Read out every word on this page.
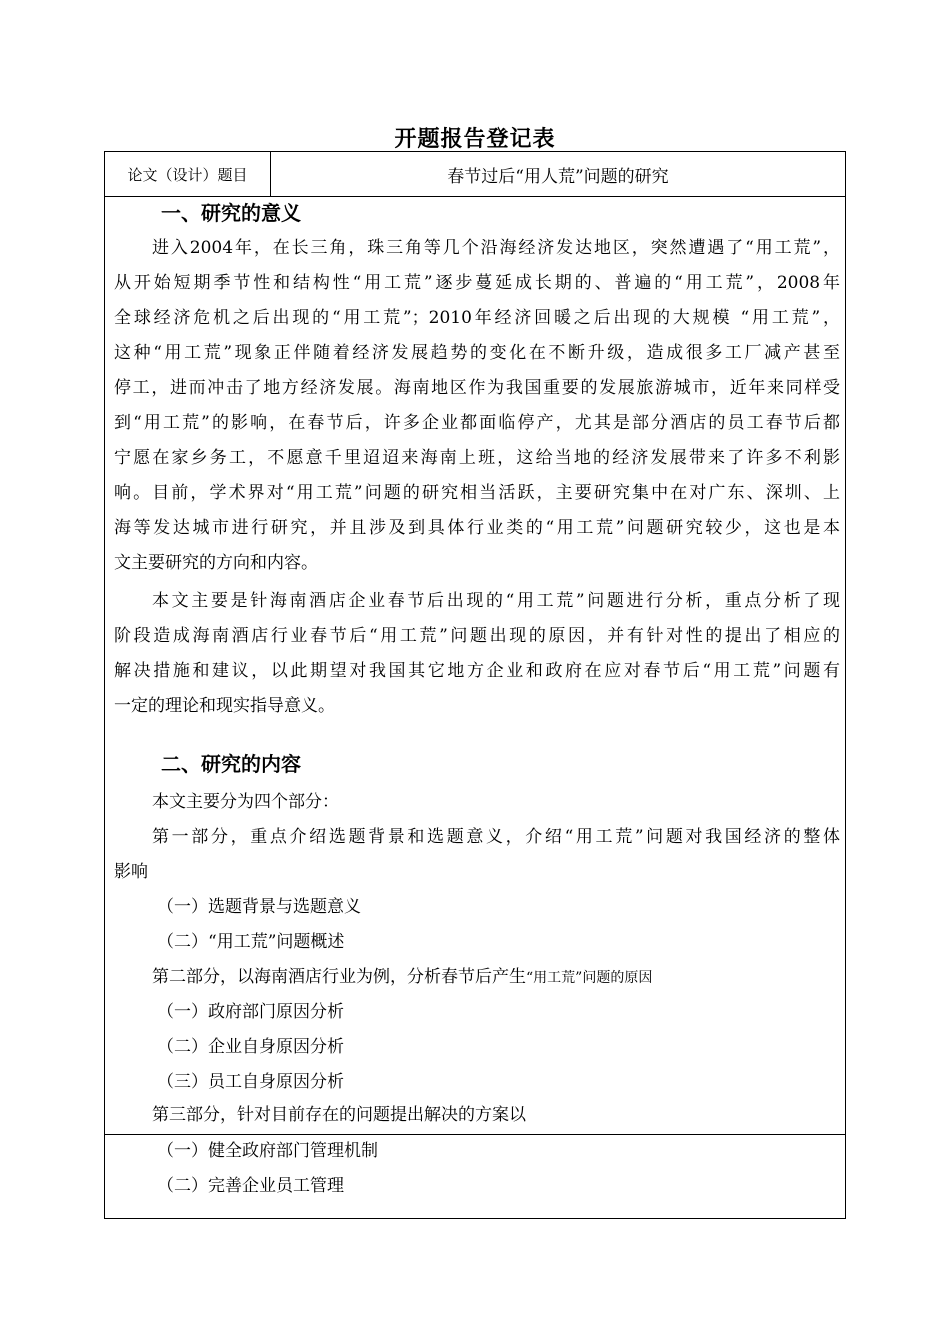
开题报告登记表
论文（设计）题目	春节过后“用人荒”问题的研究
一、研究的意义
进入2004年，在长三角，珠三角等几个沿海经济发达地区，突然遭遇了“用工荒”，
从开始短期季节性和结构性“用工荒”逐步蔓延成长期的、普遍的“用工荒”，2008年
全球经济危机之后出现的“用工荒”；2010年经济回暖之后出现的大规模 “用工荒”，
这种“用工荒”现象正伴随着经济发展趋势的变化在不断升级，造成很多工厂减产甚至
停工，进而冲击了地方经济发展。海南地区作为我国重要的发展旅游城市，近年来同样受
到“用工荒”的影响，在春节后，许多企业都面临停产，尤其是部分酒店的员工春节后都
宁愿在家乡务工，不愿意千里迢迢来海南上班，这给当地的经济发展带来了许多不利影
响。目前，学术界对“用工荒”问题的研究相当活跃，主要研究集中在对广东、深圳、上
海等发达城市进行研究，并且涉及到具体行业类的“用工荒”问题研究较少，这也是本
文主要研究的方向和内容。
本文主要是针海南酒店企业春节后出现的“用工荒”问题进行分析，重点分析了现
阶段造成海南酒店行业春节后“用工荒”问题出现的原因，并有针对性的提出了相应的
解决措施和建议，以此期望对我国其它地方企业和政府在应对春节后“用工荒”问题有
一定的理论和现实指导意义。
二、研究的内容
本文主要分为四个部分：
第一部分，重点介绍选题背景和选题意义，介绍“用工荒”问题对我国经济的整体
影响
（一）选题背景与选题意义
（二）“用工荒”问题概述
第二部分，以海南酒店行业为例，分析春节后产生“用工荒”问题的原因
（一）政府部门原因分析
（二）企业自身原因分析
（三）员工自身原因分析
第三部分，针对目前存在的问题提出解决的方案以
（一）健全政府部门管理机制
（二）完善企业员工管理
